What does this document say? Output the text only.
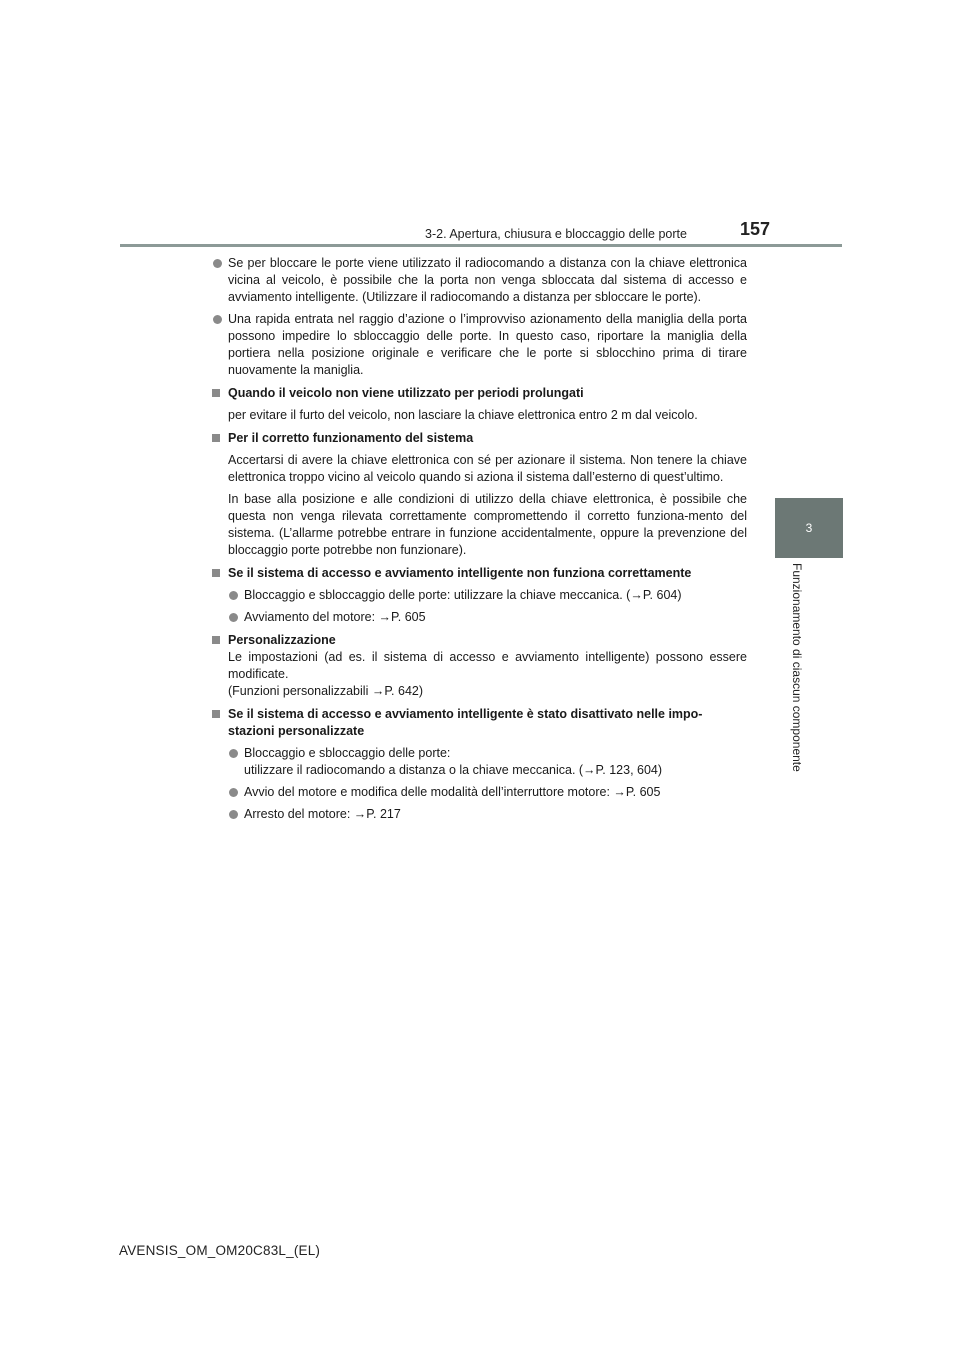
3-2. Apertura, chiusura e bloccaggio delle porte	157
3
Funzionamento di ciascun componente
Se per bloccare le porte viene utilizzato il radiocomando a distanza con la chiave elettronica vicina al veicolo, è possibile che la porta non venga sbloccata dal sistema di accesso e avviamento intelligente. (Utilizzare il radiocomando a distanza per sbloccare le porte).
Una rapida entrata nel raggio d’azione o l’improvviso azionamento della maniglia della porta possono impedire lo sbloccaggio delle porte. In questo caso, riportare la maniglia della portiera nella posizione originale e verificare che le porte si sblocchino prima di tirare nuovamente la maniglia.
Quando il veicolo non viene utilizzato per periodi prolungati
per evitare il furto del veicolo, non lasciare la chiave elettronica entro 2 m dal veicolo.
Per il corretto funzionamento del sistema
Accertarsi di avere la chiave elettronica con sé per azionare il sistema. Non tenere la chiave elettronica troppo vicino al veicolo quando si aziona il sistema dall’esterno di quest’ultimo.
In base alla posizione e alle condizioni di utilizzo della chiave elettronica, è possibile che questa non venga rilevata correttamente compromettendo il corretto funziona-mento del sistema. (L’allarme potrebbe entrare in funzione accidentalmente, oppure la prevenzione del bloccaggio porte potrebbe non funzionare).
Se il sistema di accesso e avviamento intelligente non funziona correttamente
Bloccaggio e sbloccaggio delle porte: utilizzare la chiave meccanica. (→P. 604)
Avviamento del motore: →P. 605
Personalizzazione
Le impostazioni (ad es. il sistema di accesso e avviamento intelligente) possono essere modificate.
(Funzioni personalizzabili →P. 642)
Se il sistema di accesso e avviamento intelligente è stato disattivato nelle impo-stazioni personalizzate
Bloccaggio e sbloccaggio delle porte:
utilizzare il radiocomando a distanza o la chiave meccanica. (→P. 123, 604)
Avvio del motore e modifica delle modalità dell’interruttore motore: →P. 605
Arresto del motore: →P. 217
AVENSIS_OM_OM20C83L_(EL)
